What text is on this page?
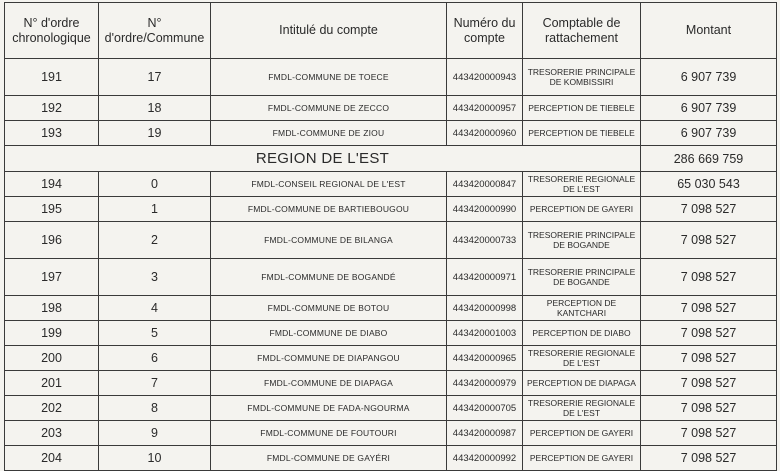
N° d'ordre chronologique	N° d'ordre/Commune	Intitulé du compte	Numéro du compte	Comptable de rattachement	Montant
191	17	FMDL-COMMUNE DE TOECE	443420000943	TRESORERIE PRINCIPALE DE KOMBISSIRI	6 907 739
192	18	FMDL-COMMUNE DE ZECCO	443420000957	PERCEPTION DE TIEBELE	6 907 739
193	19	FMDL-COMMUNE DE ZIOU	443420000960	PERCEPTION DE TIEBELE	6 907 739
REGION DE L'EST					286 669 759
194	0	FMDL-CONSEIL REGIONAL DE L'EST	443420000847	TRESORERIE REGIONALE DE L'EST	65 030 543
195	1	FMDL-COMMUNE DE BARTIEBOUGOU	443420000990	PERCEPTION DE GAYERI	7 098 527
196	2	FMDL-COMMUNE DE BILANGA	443420000733	TRESORERIE PRINCIPALE DE BOGANDE	7 098 527
197	3	FMDL-COMMUNE DE BOGANDÉ	443420000971	TRESORERIE PRINCIPALE DE BOGANDE	7 098 527
198	4	FMDL-COMMUNE DE BOTOU	443420000998	PERCEPTION DE KANTCHARI	7 098 527
199	5	FMDL-COMMUNE DE DIABO	443420001003	PERCEPTION DE DIABO	7 098 527
200	6	FMDL-COMMUNE DE DIAPANGOU	443420000965	TRESORERIE REGIONALE DE L'EST	7 098 527
201	7	FMDL-COMMUNE DE DIAPAGA	443420000979	PERCEPTION DE DIAPAGA	7 098 527
202	8	FMDL-COMMUNE DE FADA-NGOURMA	443420000705	TRESORERIE REGIONALE DE L'EST	7 098 527
203	9	FMDL-COMMUNE DE FOUTOURI	443420000987	PERCEPTION DE GAYERI	7 098 527
204	10	FMDL-COMMUNE DE GAYÉRI	443420000992	PERCEPTION DE GAYERI	7 098 527
